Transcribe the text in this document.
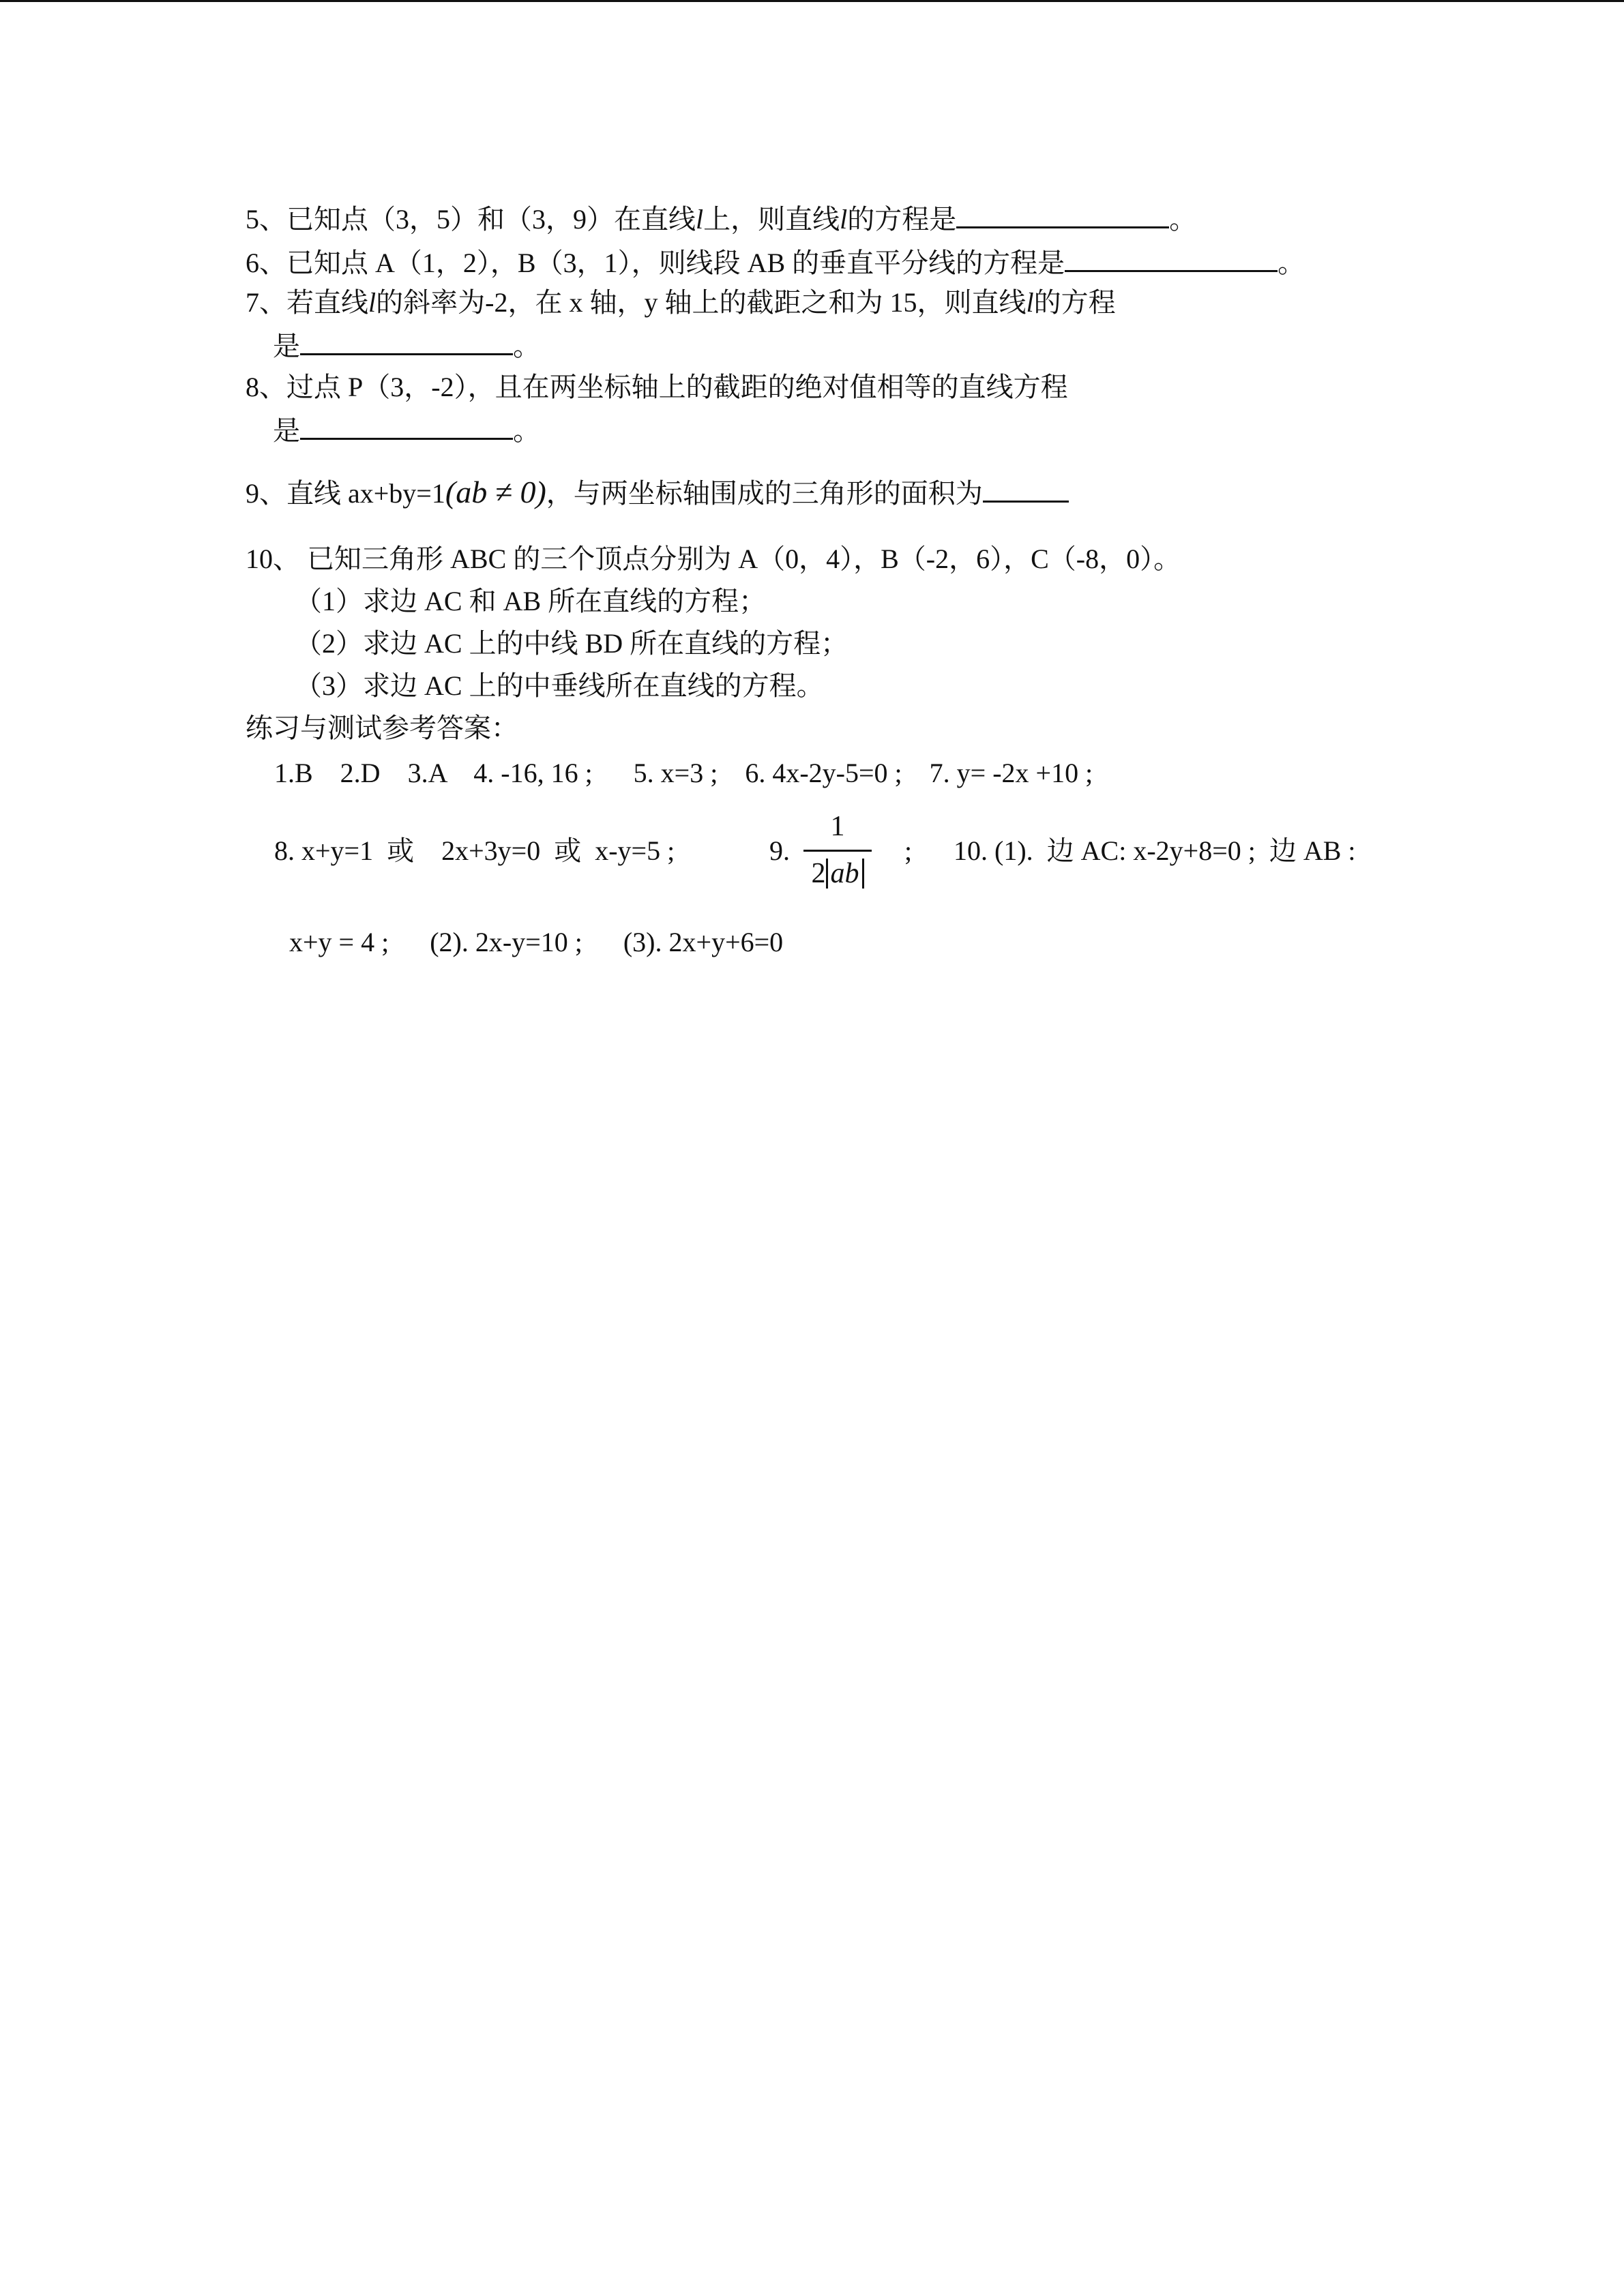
5、已知点（3，5）和（3，9）在直线l上，则直线l的方程是	。
6、已知点 A（1，2），B（3，1），则线段 AB 的垂直平分线的方程是	。
7、若直线l的斜率为-2，在 x 轴，y 轴上的截距之和为 15，则直线l的方程
是	。
8、过点 P（3，-2），且在两坐标轴上的截距的绝对值相等的直线方程
是	。
9、直线 ax+by=1(ab ≠ 0)，与两坐标轴围成的三角形的面积为
10、 已知三角形 ABC 的三个顶点分别为 A（0，4），B（-2，6），C（-8，0）。
（1）求边 AC 和 AB 所在直线的方程；
（2）求边 AC 上的中线 BD 所在直线的方程；
（3）求边 AC 上的中垂线所在直线的方程。
练习与测试参考答案：
1.B    2.D    3.A    4. -16, 16 ;      5. x=3 ;    6. 4x-2y-5=0 ;    7. y= -2x +10 ;
8. x+y=1  或    2x+3y=0  或  x-y=5 ;	9.
1
2 ab
; 10. (1).  边 AC: x-2y+8=0 ;  边 AB :
x+y = 4 ;      (2). 2x-y=10 ;      (3). 2x+y+6=0
